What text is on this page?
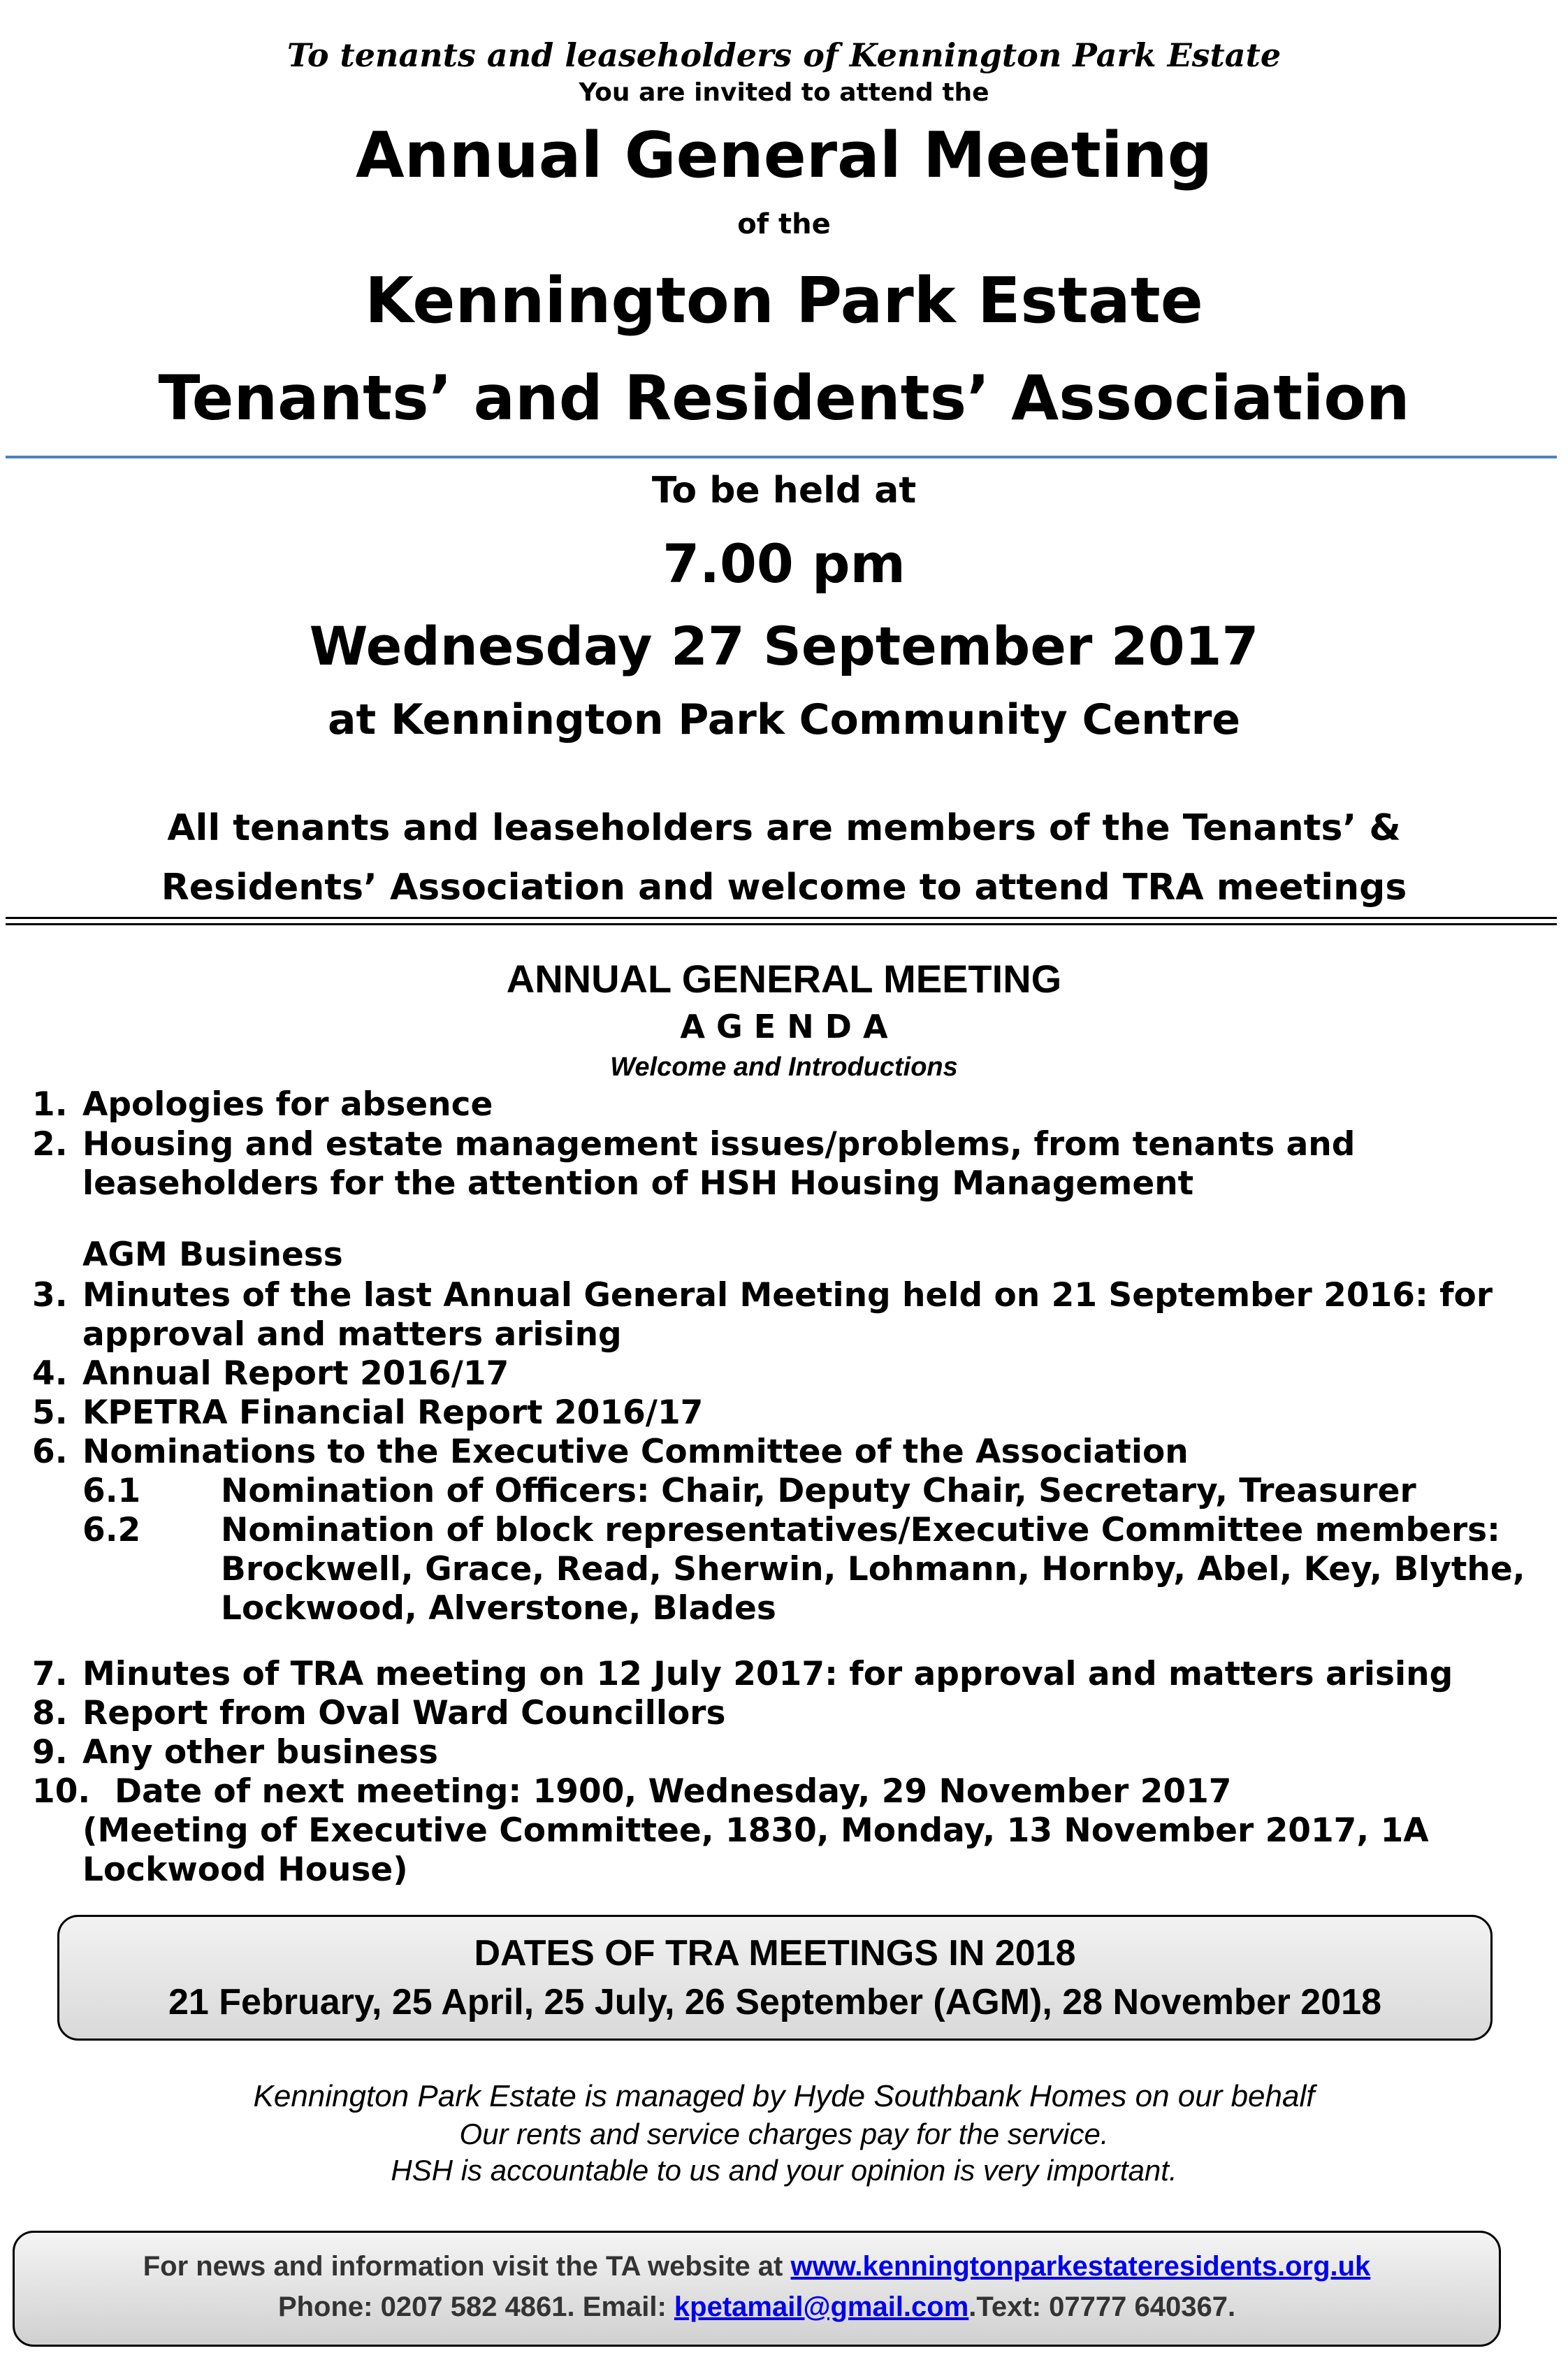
To tenants and leaseholders of Kennington Park Estate
You are invited to attend the
Annual General Meeting
of the
Kennington Park Estate
Tenants’ and Residents’ Association
To be held at
7.00 pm
Wednesday 27 September 2017
at Kennington Park Community Centre
All tenants and leaseholders are members of the Tenants’ &
Residents’ Association and welcome to attend TRA meetings
ANNUAL GENERAL MEETING
A G E N D A
Welcome and Introductions
1. Apologies for absence
2. Housing and estate management issues/problems, from tenants and
leaseholders for the attention of HSH Housing Management
AGM Business
3. Minutes of the last Annual General Meeting held on 21 September 2016: for
approval and matters arising
4. Annual Report 2016/17
5. KPETRA Financial Report 2016/17
6. Nominations to the Executive Committee of the Association
6.1 Nomination of Officers: Chair, Deputy Chair, Secretary, Treasurer
6.2 Nomination of block representatives/Executive Committee members:
Brockwell, Grace, Read, Sherwin, Lohmann, Hornby, Abel, Key, Blythe,
Lockwood, Alverstone, Blades
7. Minutes of TRA meeting on 12 July 2017: for approval and matters arising
8. Report from Oval Ward Councillors
9. Any other business
10. Date of next meeting: 1900, Wednesday, 29 November 2017
(Meeting of Executive Committee, 1830, Monday, 13 November 2017, 1A
Lockwood House)
DATES OF TRA MEETINGS IN 2018
21 February, 25 April, 25 July, 26 September (AGM), 28 November 2018
Kennington Park Estate is managed by Hyde Southbank Homes on our behalf
Our rents and service charges pay for the service.
HSH is accountable to us and your opinion is very important.
For news and information visit the TA website at www.kenningtonparkestateresidents.org.uk
Phone: 0207 582 4861. Email: kpetamail@gmail.com.Text: 07777 640367.
